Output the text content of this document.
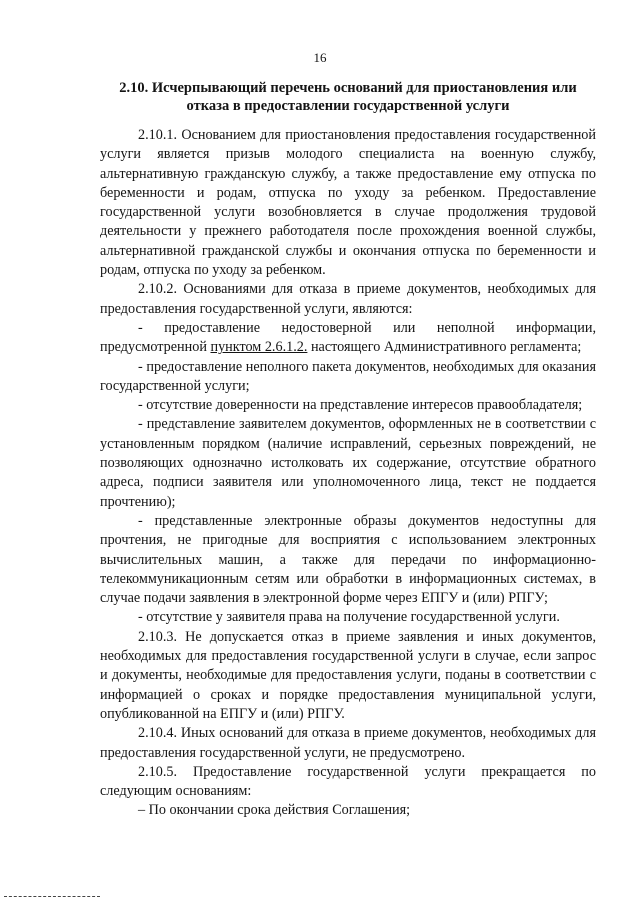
16
2.10. Исчерпывающий перечень оснований для приостановления или
отказа в предоставлении государственной услуги

2.10.1. Основанием для приостановления предоставления государственной услуги является призыв молодого специалиста на военную службу, альтернативную гражданскую службу, а также предоставление ему отпуска по беременности и родам, отпуска по уходу за ребенком. Предоставление государственной услуги возобновляется в случае продолжения трудовой деятельности у прежнего работодателя после прохождения военной службы, альтернативной гражданской службы и окончания отпуска по беременности и родам, отпуска по уходу за ребенком.

2.10.2. Основаниями для отказа в приеме документов, необходимых для предоставления государственной услуги, являются:

- предоставление недостоверной или неполной информации, предусмотренной пунктом 2.6.1.2. настоящего Административного регламента;

- предоставление неполного пакета документов, необходимых для оказания государственной услуги;

- отсутствие доверенности на представление интересов правообладателя;

- представление заявителем документов, оформленных не в соответствии с установленным порядком (наличие исправлений, серьезных повреждений, не позволяющих однозначно истолковать их содержание, отсутствие обратного адреса, подписи заявителя или уполномоченного лица, текст не поддается прочтению);

- представленные электронные образы документов недоступны для прочтения, не пригодные для восприятия с использованием электронных вычислительных машин, а также для передачи по информационно-телекоммуникационным сетям или обработки в информационных системах, в случае подачи заявления в электронной форме через ЕПГУ и (или) РПГУ;

- отсутствие у заявителя права на получение государственной услуги.

2.10.3. Не допускается отказ в приеме заявления и иных документов, необходимых для предоставления государственной услуги в случае, если запрос и документы, необходимые для предоставления услуги, поданы в соответствии с информацией о сроках и порядке предоставления муниципальной услуги, опубликованной на ЕПГУ и (или) РПГУ.

2.10.4. Иных оснований для отказа в приеме документов, необходимых для предоставления государственной услуги, не предусмотрено.

2.10.5. Предоставление государственной услуги прекращается по следующим основаниям:

– По окончании срока действия Соглашения;
